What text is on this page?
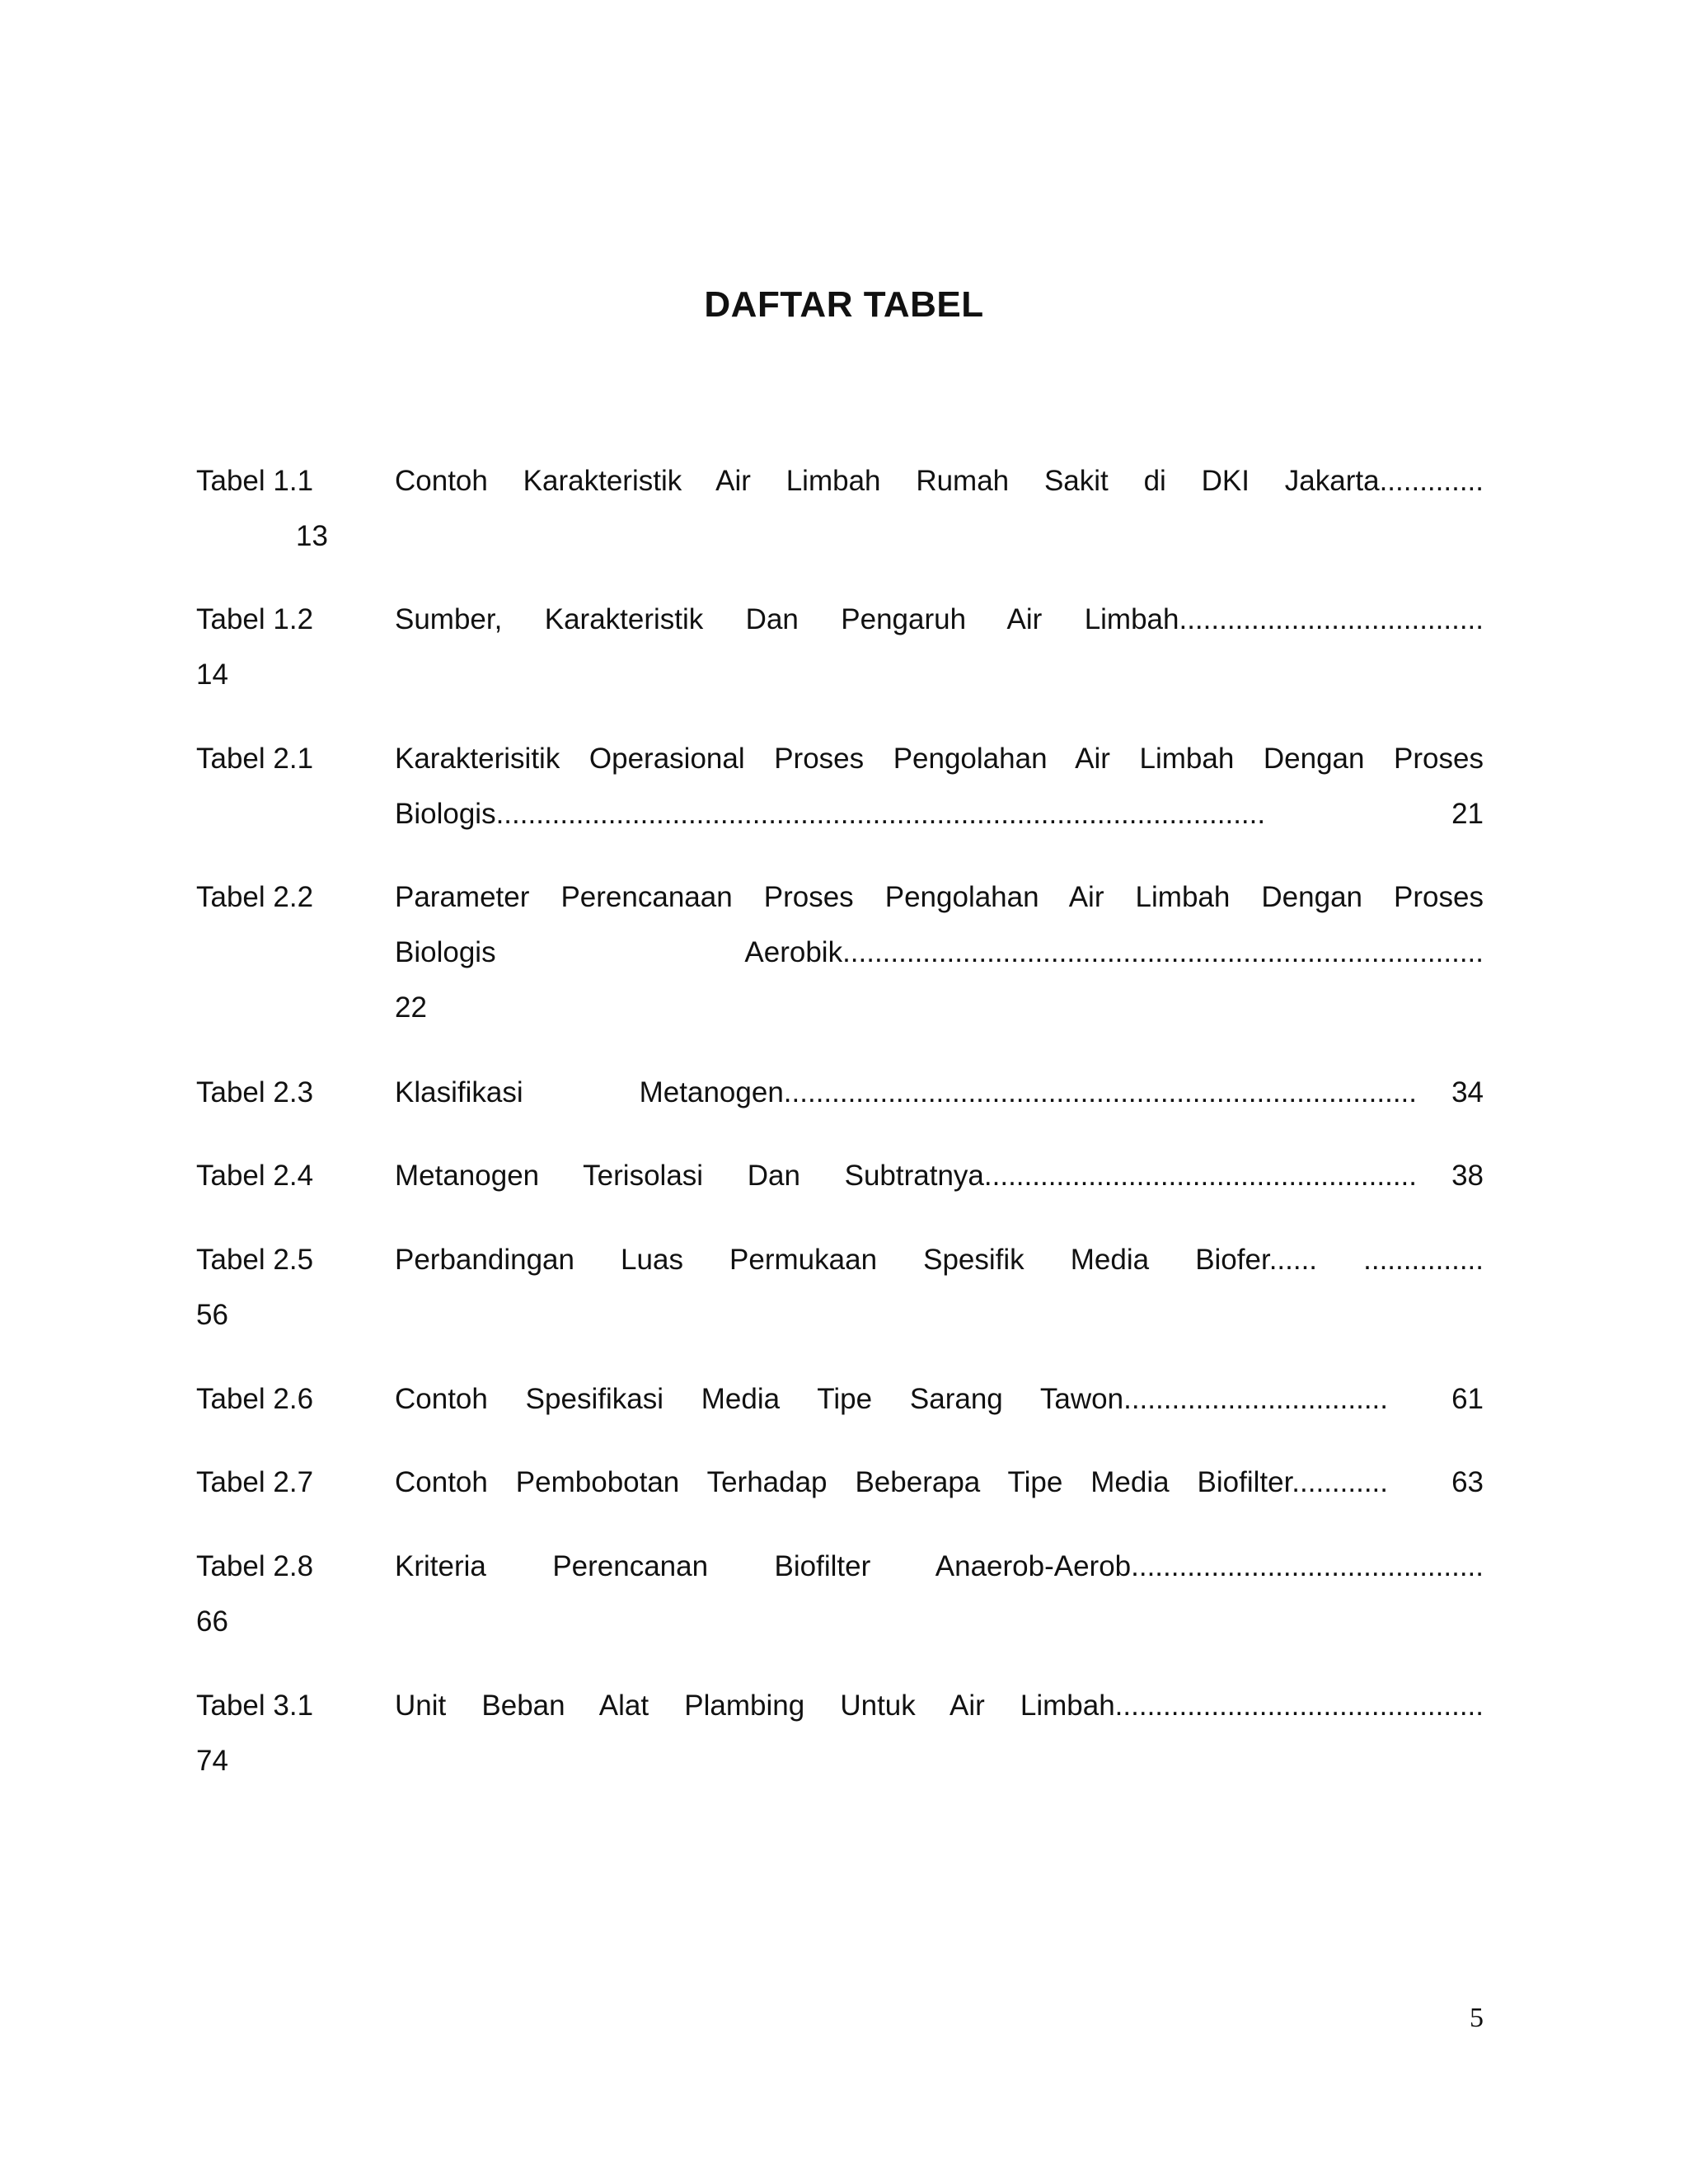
DAFTAR TABEL
Tabel 1.1	Contoh Karakteristik Air Limbah Rumah Sakit di DKI Jakarta.............
13
Tabel 1.2	Sumber, Karakteristik Dan Pengaruh Air Limbah......................................
14
Tabel 2.1	Karakterisitik Operasional Proses Pengolahan Air Limbah Dengan Proses
Biologis................................................................................................	21
Tabel 2.2	Parameter Perencanaan Proses Pengolahan Air Limbah Dengan Proses
Biologis Aerobik................................................................................
22
Tabel 2.3	Klasifikasi Metanogen............................................................................... 34
Tabel 2.4	Metanogen Terisolasi Dan Subtratnya...................................................... 38
Tabel 2.5	Perbandingan Luas Permukaan Spesifik Media Biofer...... ...............
56
Tabel 2.6	Contoh Spesifikasi Media Tipe Sarang Tawon................................. 61
Tabel 2.7	Contoh Pembobotan Terhadap Beberapa Tipe Media Biofilter............ 63
Tabel 2.8	Kriteria Perencanan Biofilter Anaerob-Aerob............................................
66
Tabel 3.1	Unit Beban Alat Plambing Untuk Air Limbah..............................................
74
5
